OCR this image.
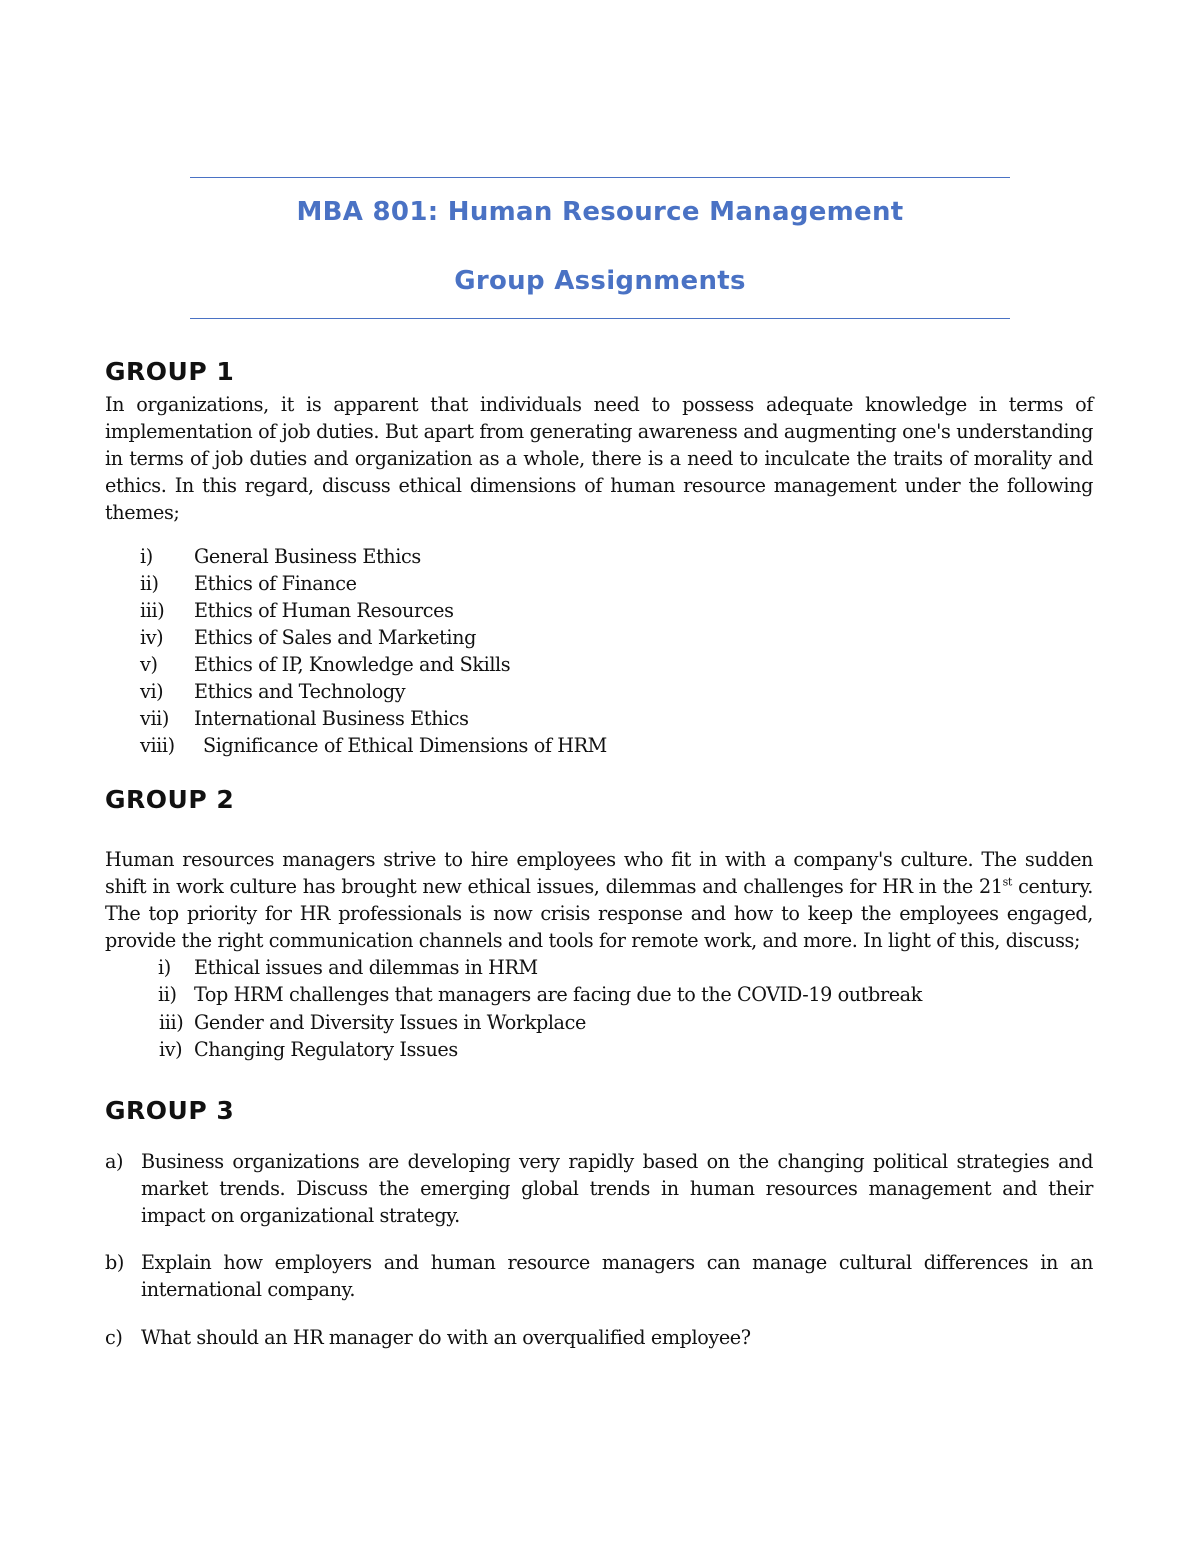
MBA 801: Human Resource Management
Group Assignments
GROUP 1

In organizations, it is apparent that individuals need to possess adequate knowledge in terms of implementation of job duties. But apart from generating awareness and augmenting one's understanding in terms of job duties and organization as a whole, there is a need to inculcate the traits of morality and ethics. In this regard, discuss ethical dimensions of human resource management under the following themes;

i) General Business Ethics
ii) Ethics of Finance
iii) Ethics of Human Resources
iv) Ethics of Sales and Marketing
v) Ethics of IP, Knowledge and Skills
vi) Ethics and Technology
vii) International Business Ethics
viii) Significance of Ethical Dimensions of HRM
GROUP 2

Human resources managers strive to hire employees who fit in with a company's culture. The sudden shift in work culture has brought new ethical issues, dilemmas and challenges for HR in the 21st century. The top priority for HR professionals is now crisis response and how to keep the employees engaged, provide the right communication channels and tools for remote work, and more. In light of this, discuss;

i) Ethical issues and dilemmas in HRM
ii) Top HRM challenges that managers are facing due to the COVID-19 outbreak
iii) Gender and Diversity Issues in Workplace
iv) Changing Regulatory Issues
GROUP 3
a) Business organizations are developing very rapidly based on the changing political strategies and market trends. Discuss the emerging global trends in human resources management and their impact on organizational strategy.
b) Explain how employers and human resource managers can manage cultural differences in an international company.
c) What should an HR manager do with an overqualified employee?
